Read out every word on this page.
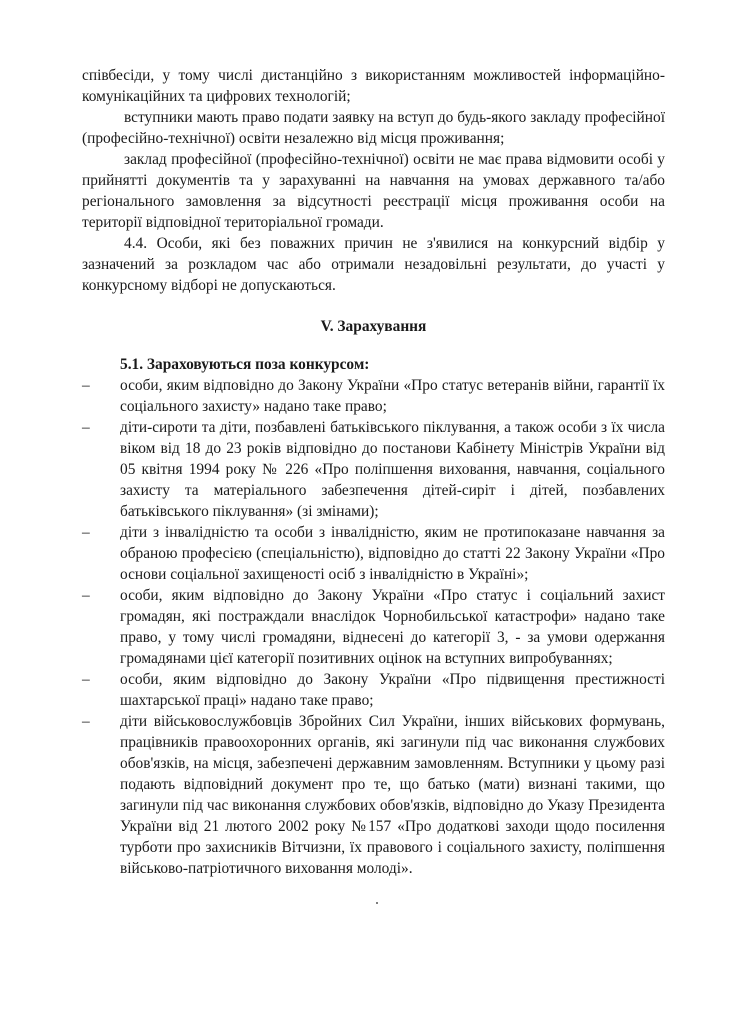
співбесіди, у тому числі дистанційно з використанням можливостей інформаційно-комунікаційних та цифрових технологій;

вступники мають право подати заявку на вступ до будь-якого закладу професійної (професійно-технічної) освіти незалежно від місця проживання;

заклад професійної (професійно-технічної) освіти не має права відмовити особі у прийнятті документів та у зарахуванні на навчання на умовах державного та/або регіонального замовлення за відсутності реєстрації місця проживання особи на території відповідної територіальної громади.

4.4. Особи, які без поважних причин не з'явилися на конкурсний відбір у зазначений за розкладом час або отримали незадовільні результати, до участі у конкурсному відборі не допускаються.

V. Зарахування

5.1. Зараховуються поза конкурсом:

–	особи, яким відповідно до Закону України «Про статус ветеранів війни, гарантії їх соціального захисту» надано таке право;
–	діти-сироти та діти, позбавлені батьківського піклування, а також особи з їх числа віком від 18 до 23 років відповідно до постанови Кабінету Міністрів України від 05 квітня 1994 року № 226 «Про поліпшення виховання, навчання, соціального захисту та матеріального забезпечення дітей-сиріт і дітей, позбавлених батьківського піклування» (зі змінами);
–	діти з інвалідністю та особи з інвалідністю, яким не протипоказане навчання за обраною професією (спеціальністю), відповідно до статті 22 Закону України «Про основи соціальної захищеності осіб з інвалідністю в Україні»;
–	особи, яким відповідно до Закону України «Про статус і соціальний захист громадян, які постраждали внаслідок Чорнобильської катастрофи» надано таке право, у тому числі громадяни, віднесені до категорії 3, - за умови одержання громадянами цієї категорії позитивних оцінок на вступних випробуваннях;
–	особи, яким відповідно до Закону України «Про підвищення престижності шахтарської праці» надано таке право;
–	діти військовослужбовців Збройних Сил України, інших військових формувань, працівників правоохоронних органів, які загинули під час виконання службових обов'язків, на місця, забезпечені державним замовленням. Вступники у цьому разі подають відповідний документ про те, що батько (мати) визнані такими, що загинули під час виконання службових обов'язків, відповідно до Указу Президента України від 21 лютого 2002 року №157 «Про додаткові заходи щодо посилення турботи про захисників Вітчизни, їх правового і соціального захисту, поліпшення військово-патріотичного виховання молоді».
